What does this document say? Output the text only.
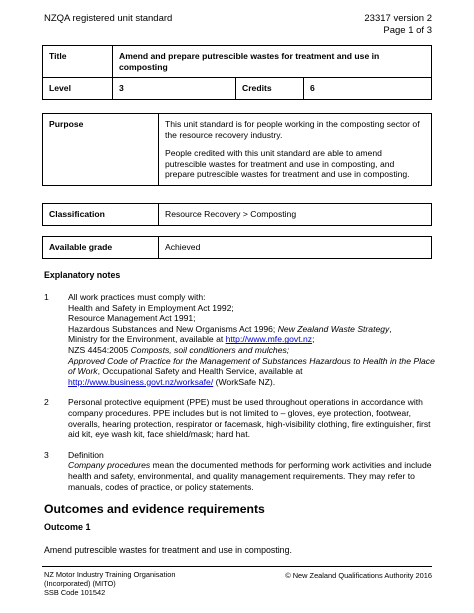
NZQA registered unit standard	23317 version 2
Page 1 of 3
Title	Amend and prepare putrescible wastes for treatment and use in composting		
Level	3	Credits	6
Purpose	This unit standard is for people working in the composting sector of the resource recovery industry.
People credited with this unit standard are able to amend putrescible wastes for treatment and use in composting, and prepare putrescible wastes for treatment and use in composting.
Classification	Resource Recovery > Composting
Available grade	Achieved
Explanatory notes
1 All work practices must comply with:

Health and Safety in Employment Act 1992;

Resource Management Act 1991;

Hazardous Substances and New Organisms Act 1996; New Zealand Waste Strategy,

Ministry for the Environment, available at http://www.mfe.govt.nz;

NZS 4454:2005 Composts, soil conditioners and mulches;

Approved Code of Practice for the Management of Substances Hazardous to Health in the Place of Work, Occupational Safety and Health Service, available at

http://www.business.govt.nz/worksafe/ (WorkSafe NZ).

2 Personal protective equipment (PPE) must be used throughout operations in accordance with company procedures. PPE includes but is not limited to – gloves, eye protection, footwear, overalls, hearing protection, respirator or facemask, high-visibility clothing, fire extinguisher, first aid kit, eye wash kit, face shield/mask; hard hat.

3 Definition

Company procedures mean the documented methods for performing work activities and include health and safety, environmental, and quality management requirements. They may refer to manuals, codes of practice, or policy statements.

Outcomes and evidence requirements
Outcome 1
Amend putrescible wastes for treatment and use in composting.
NZ Motor Industry Training Organisation
(Incorporated) (MITO)
SSB Code 101542
© New Zealand Qualifications Authority 2016
